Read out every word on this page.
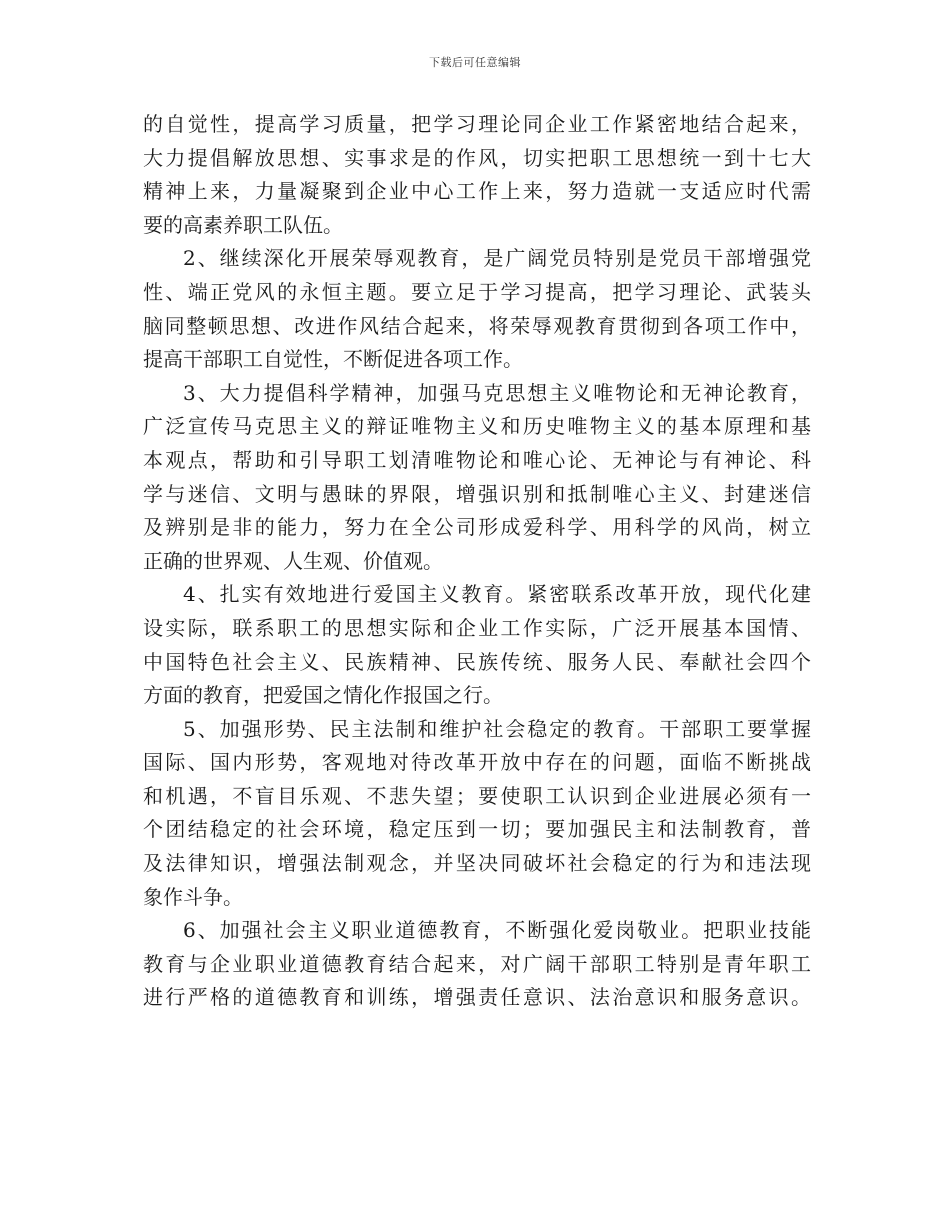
下载后可任意编辑
的自觉性，提高学习质量，把学习理论同企业工作紧密地结合起来，
大力提倡解放思想、实事求是的作风，切实把职工思想统一到十七大
精神上来，力量凝聚到企业中心工作上来，努力造就一支适应时代需
要的高素养职工队伍。
2、继续深化开展荣辱观教育，是广阔党员特别是党员干部增强党
性、端正党风的永恒主题。要立足于学习提高，把学习理论、武装头
脑同整顿思想、改进作风结合起来，将荣辱观教育贯彻到各项工作中，
提高干部职工自觉性，不断促进各项工作。
3、大力提倡科学精神，加强马克思想主义唯物论和无神论教育，
广泛宣传马克思主义的辩证唯物主义和历史唯物主义的基本原理和基
本观点，帮助和引导职工划清唯物论和唯心论、无神论与有神论、科
学与迷信、文明与愚昧的界限，增强识别和抵制唯心主义、封建迷信
及辨别是非的能力，努力在全公司形成爱科学、用科学的风尚，树立
正确的世界观、人生观、价值观。
4、扎实有效地进行爱国主义教育。紧密联系改革开放，现代化建
设实际，联系职工的思想实际和企业工作实际，广泛开展基本国情、
中国特色社会主义、民族精神、民族传统、服务人民、奉献社会四个
方面的教育，把爱国之情化作报国之行。
5、加强形势、民主法制和维护社会稳定的教育。干部职工要掌握
国际、国内形势，客观地对待改革开放中存在的问题，面临不断挑战
和机遇，不盲目乐观、不悲失望；要使职工认识到企业进展必须有一
个团结稳定的社会环境，稳定压到一切；要加强民主和法制教育，普
及法律知识，增强法制观念，并坚决同破坏社会稳定的行为和违法现
象作斗争。
6、加强社会主义职业道德教育，不断强化爱岗敬业。把职业技能
教育与企业职业道德教育结合起来，对广阔干部职工特别是青年职工
进行严格的道德教育和训练，增强责任意识、法治意识和服务意识。
